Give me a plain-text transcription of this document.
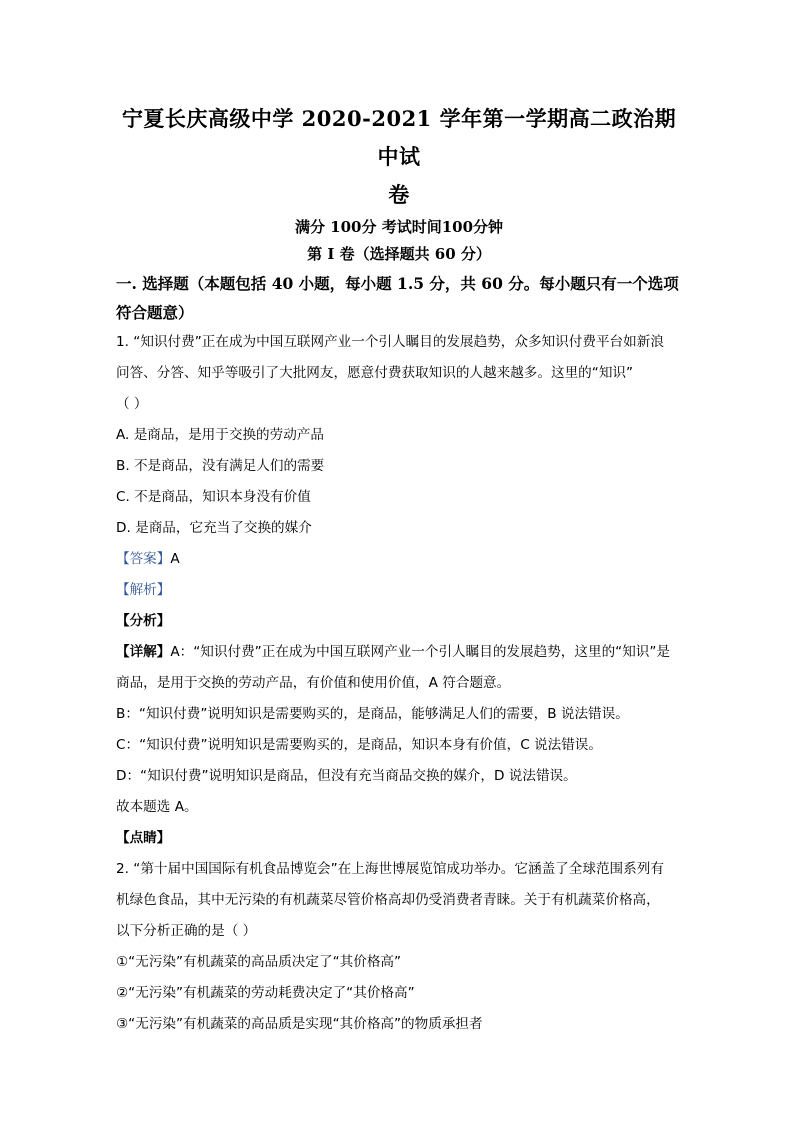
宁夏长庆高级中学 2020-2021 学年第一学期高二政治期中试
卷
满分 100分 考试时间100分钟
第 I 卷（选择题共 60 分）
一. 选择题（本题包括 40 小题，每小题 1.5 分，共 60 分。每小题只有一个选项符合题意）
1. “知识付费”正在成为中国互联网产业一个引人瞩目的发展趋势，众多知识付费平台如新浪
问答、分答、知乎等吸引了大批网友，愿意付费获取知识的人越来越多。这里的“知识”
（ ）
A. 是商品，是用于交换的劳动产品
B. 不是商品，没有满足人们的需要
C. 不是商品，知识本身没有价值
D. 是商品，它充当了交换的媒介
【答案】A
【解析】
【分析】
【详解】A：“知识付费”正在成为中国互联网产业一个引人瞩目的发展趋势，这里的“知识”是
商品，是用于交换的劳动产品，有价值和使用价值，A 符合题意。
B：“知识付费”说明知识是需要购买的，是商品，能够满足人们的需要，B 说法错误。
C：“知识付费”说明知识是需要购买的，是商品，知识本身有价值，C 说法错误。
D：“知识付费”说明知识是商品，但没有充当商品交换的媒介，D 说法错误。
故本题选 A。
【点睛】
2. “第十届中国国际有机食品博览会”在上海世博展览馆成功举办。它涵盖了全球范围系列有
机绿色食品，其中无污染的有机蔬菜尽管价格高却仍受消费者青睐。关于有机蔬菜价格高，
以下分析正确的是（ ）
①“无污染”有机蔬菜的高品质决定了“其价格高”
②“无污染”有机蔬菜的劳动耗费决定了“其价格高”
③“无污染”有机蔬菜的高品质是实现“其价格高”的物质承担者
